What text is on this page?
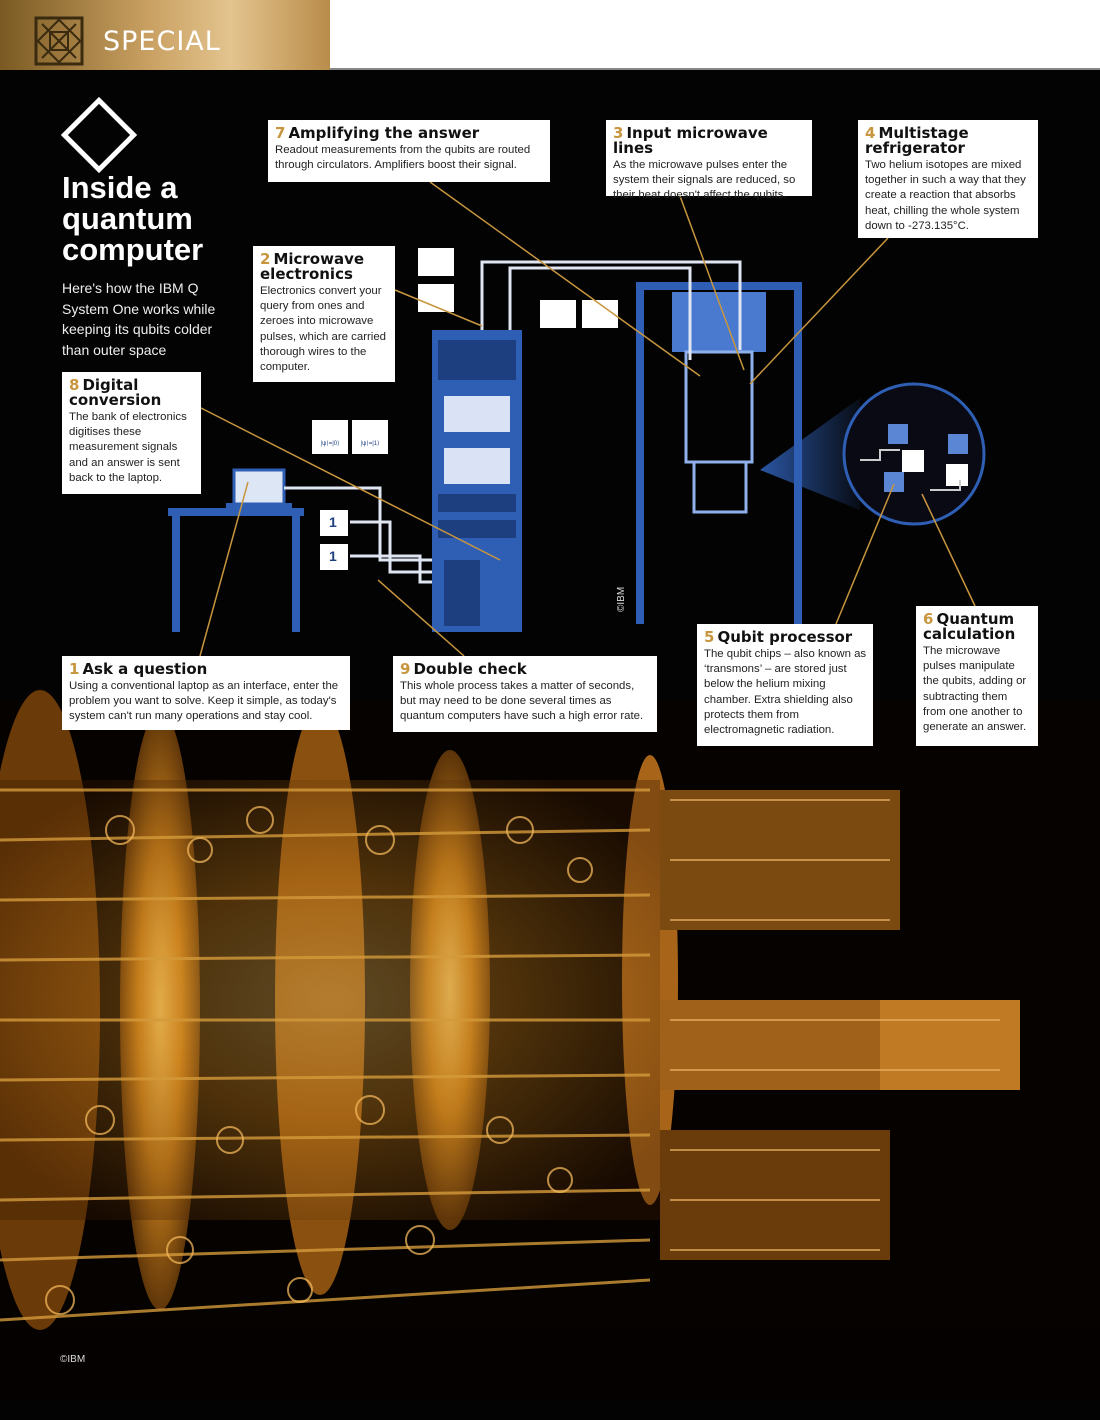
SPECIAL
Inside a
quantum
computer
Here's how the IBM Q System One works while keeping its qubits colder than outer space
7 Amplifying the answer
Readout measurements from the qubits are routed through circulators. Amplifiers boost their signal.
3 Input microwave lines
As the microwave pulses enter the system their signals are reduced, so their heat doesn't affect the qubits.
4 Multistage refrigerator
Two helium isotopes are mixed together in such a way that they create a reaction that absorbs heat, chilling the whole system down to -273.135°C.
2 Microwave electronics
Electronics convert your query from ones and zeroes into microwave pulses, which are carried thorough wires to the computer.
8 Digital conversion
The bank of electronics digitises these measurement signals and an answer is sent back to the laptop.
1 Ask a question
Using a conventional laptop as an interface, enter the problem you want to solve. Keep it simple, as today's system can't run many operations and stay cool.
9 Double check
This whole process takes a matter of seconds, but may need to be done several times as quantum computers have such a high error rate.
5 Qubit processor
The qubit chips – also known as ‘transmons’ – are stored just below the helium mixing chamber. Extra shielding also protects them from electromagnetic radiation.
6 Quantum calculation
The microwave pulses manipulate the qubits, adding or subtracting them from one another to generate an answer.
1
1
|ψ⟩=|0⟩	|ψ⟩=|1⟩
©IBM
©IBM
